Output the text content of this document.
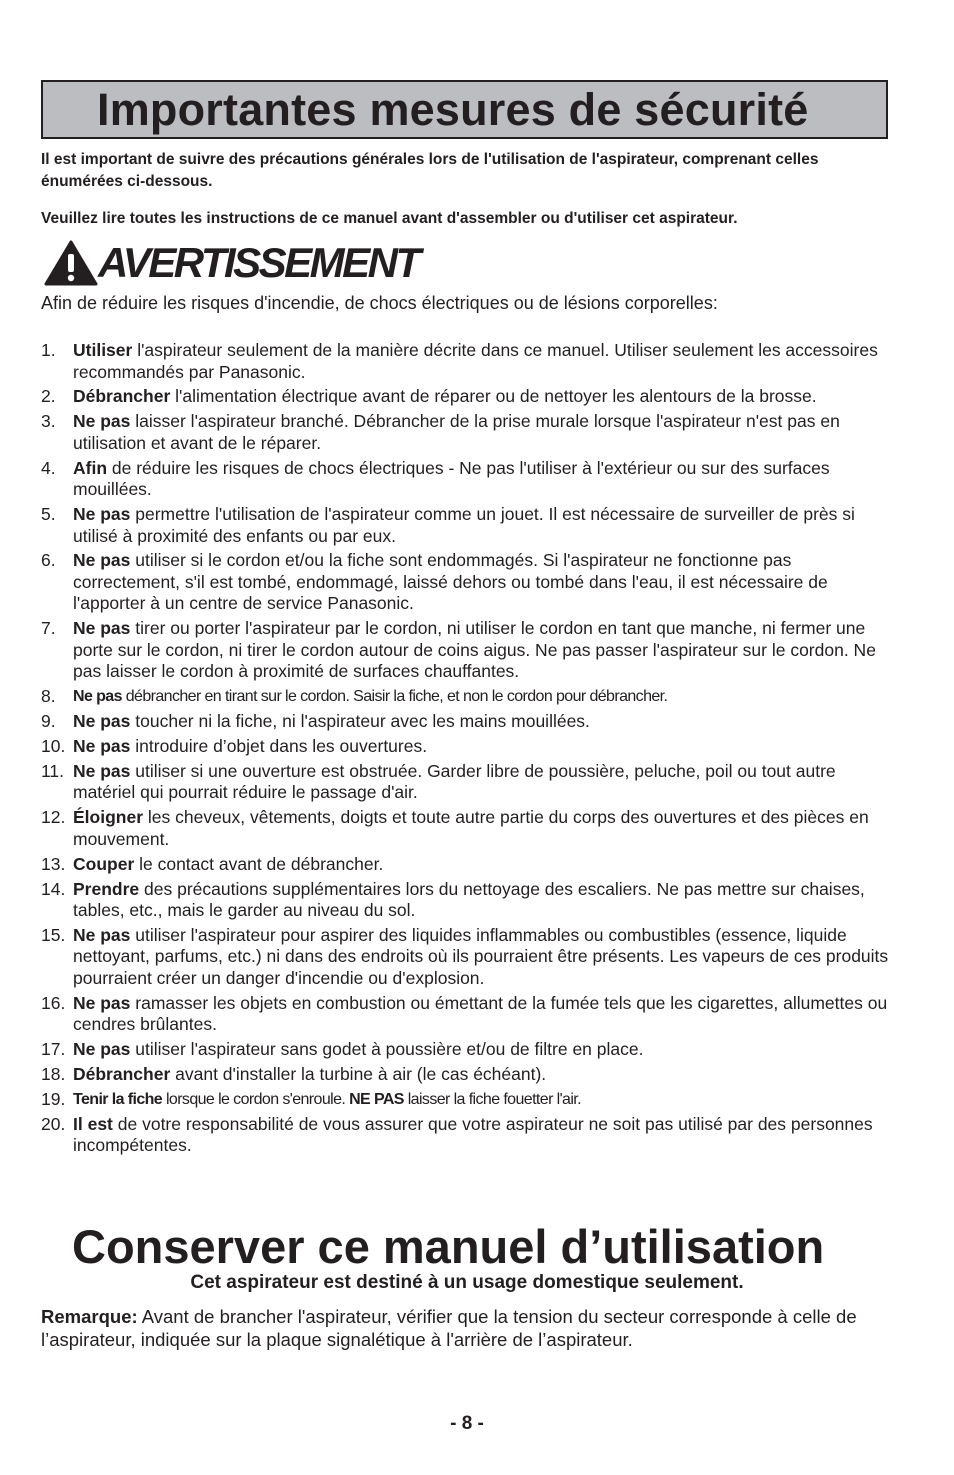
Importantes mesures de sécurité

Il est important de suivre des précautions générales lors de l'utilisation de l'aspirateur, comprenant celles énumérées ci-dessous.

Veuillez lire toutes les instructions de ce manuel avant d'assembler ou d'utiliser cet aspirateur.

AVERTISSEMENT

Afin de réduire les risques d'incendie, de chocs électriques ou de lésions corporelles:

1. Utiliser l'aspirateur seulement de la manière décrite dans ce manuel. Utiliser seulement les accessoires recommandés par Panasonic.
2. Débrancher l'alimentation électrique avant de réparer ou de nettoyer les alentours de la brosse.
3. Ne pas laisser l'aspirateur branché. Débrancher de la prise murale lorsque l'aspirateur n'est pas en utilisation et avant de le réparer.
4. Afin de réduire les risques de chocs électriques - Ne pas l'utiliser à l'extérieur ou sur des surfaces mouillées.
5. Ne pas permettre l'utilisation de l'aspirateur comme un jouet. Il est nécessaire de surveiller de près si utilisé à proximité des enfants ou par eux.
6. Ne pas utiliser si le cordon et/ou la fiche sont endommagés. Si l'aspirateur ne fonctionne pas correctement, s'il est tombé, endommagé, laissé dehors ou tombé dans l'eau, il est nécessaire de l'apporter à un centre de service Panasonic.
7. Ne pas tirer ou porter l'aspirateur par le cordon, ni utiliser le cordon en tant que manche, ni fermer une porte sur le cordon, ni tirer le cordon autour de coins aigus. Ne pas passer l'aspirateur sur le cordon. Ne pas laisser le cordon à proximité de surfaces chauffantes.
8. Ne pas débrancher en tirant sur le cordon. Saisir la fiche, et non le cordon pour débrancher.
9. Ne pas toucher ni la fiche, ni l'aspirateur avec les mains mouillées.
10. Ne pas introduire d’objet dans les ouvertures.
11. Ne pas utiliser si une ouverture est obstruée. Garder libre de poussière, peluche, poil ou tout autre matériel qui pourrait réduire le passage d'air.
12. Éloigner les cheveux, vêtements, doigts et toute autre partie du corps des ouvertures et des pièces en mouvement.
13. Couper le contact avant de débrancher.
14. Prendre des précautions supplémentaires lors du nettoyage des escaliers. Ne pas mettre sur chaises, tables, etc., mais le garder au niveau du sol.
15. Ne pas utiliser l'aspirateur pour aspirer des liquides inflammables ou combustibles (essence, liquide nettoyant, parfums, etc.) ni dans des endroits où ils pourraient être présents. Les vapeurs de ces produits pourraient créer un danger d'incendie ou d'explosion.
16. Ne pas ramasser les objets en combustion ou émettant de la fumée tels que les cigarettes, allumettes ou cendres brûlantes.
17. Ne pas utiliser l'aspirateur sans godet à poussière et/ou de filtre en place.
18. Débrancher avant d'installer la turbine à air (le cas échéant).
19. Tenir la fiche lorsque le cordon s'enroule. NE PAS laisser la fiche fouetter l'air.
20. Il est de votre responsabilité de vous assurer que votre aspirateur ne soit pas utilisé par des personnes incompétentes.

Conserver ce manuel d’utilisation

Cet aspirateur est destiné à un usage domestique seulement.

Remarque: Avant de brancher l'aspirateur, vérifier que la tension du secteur corresponde à celle de l’aspirateur, indiquée sur la plaque signalétique à l'arrière de l’aspirateur.

- 8 -
